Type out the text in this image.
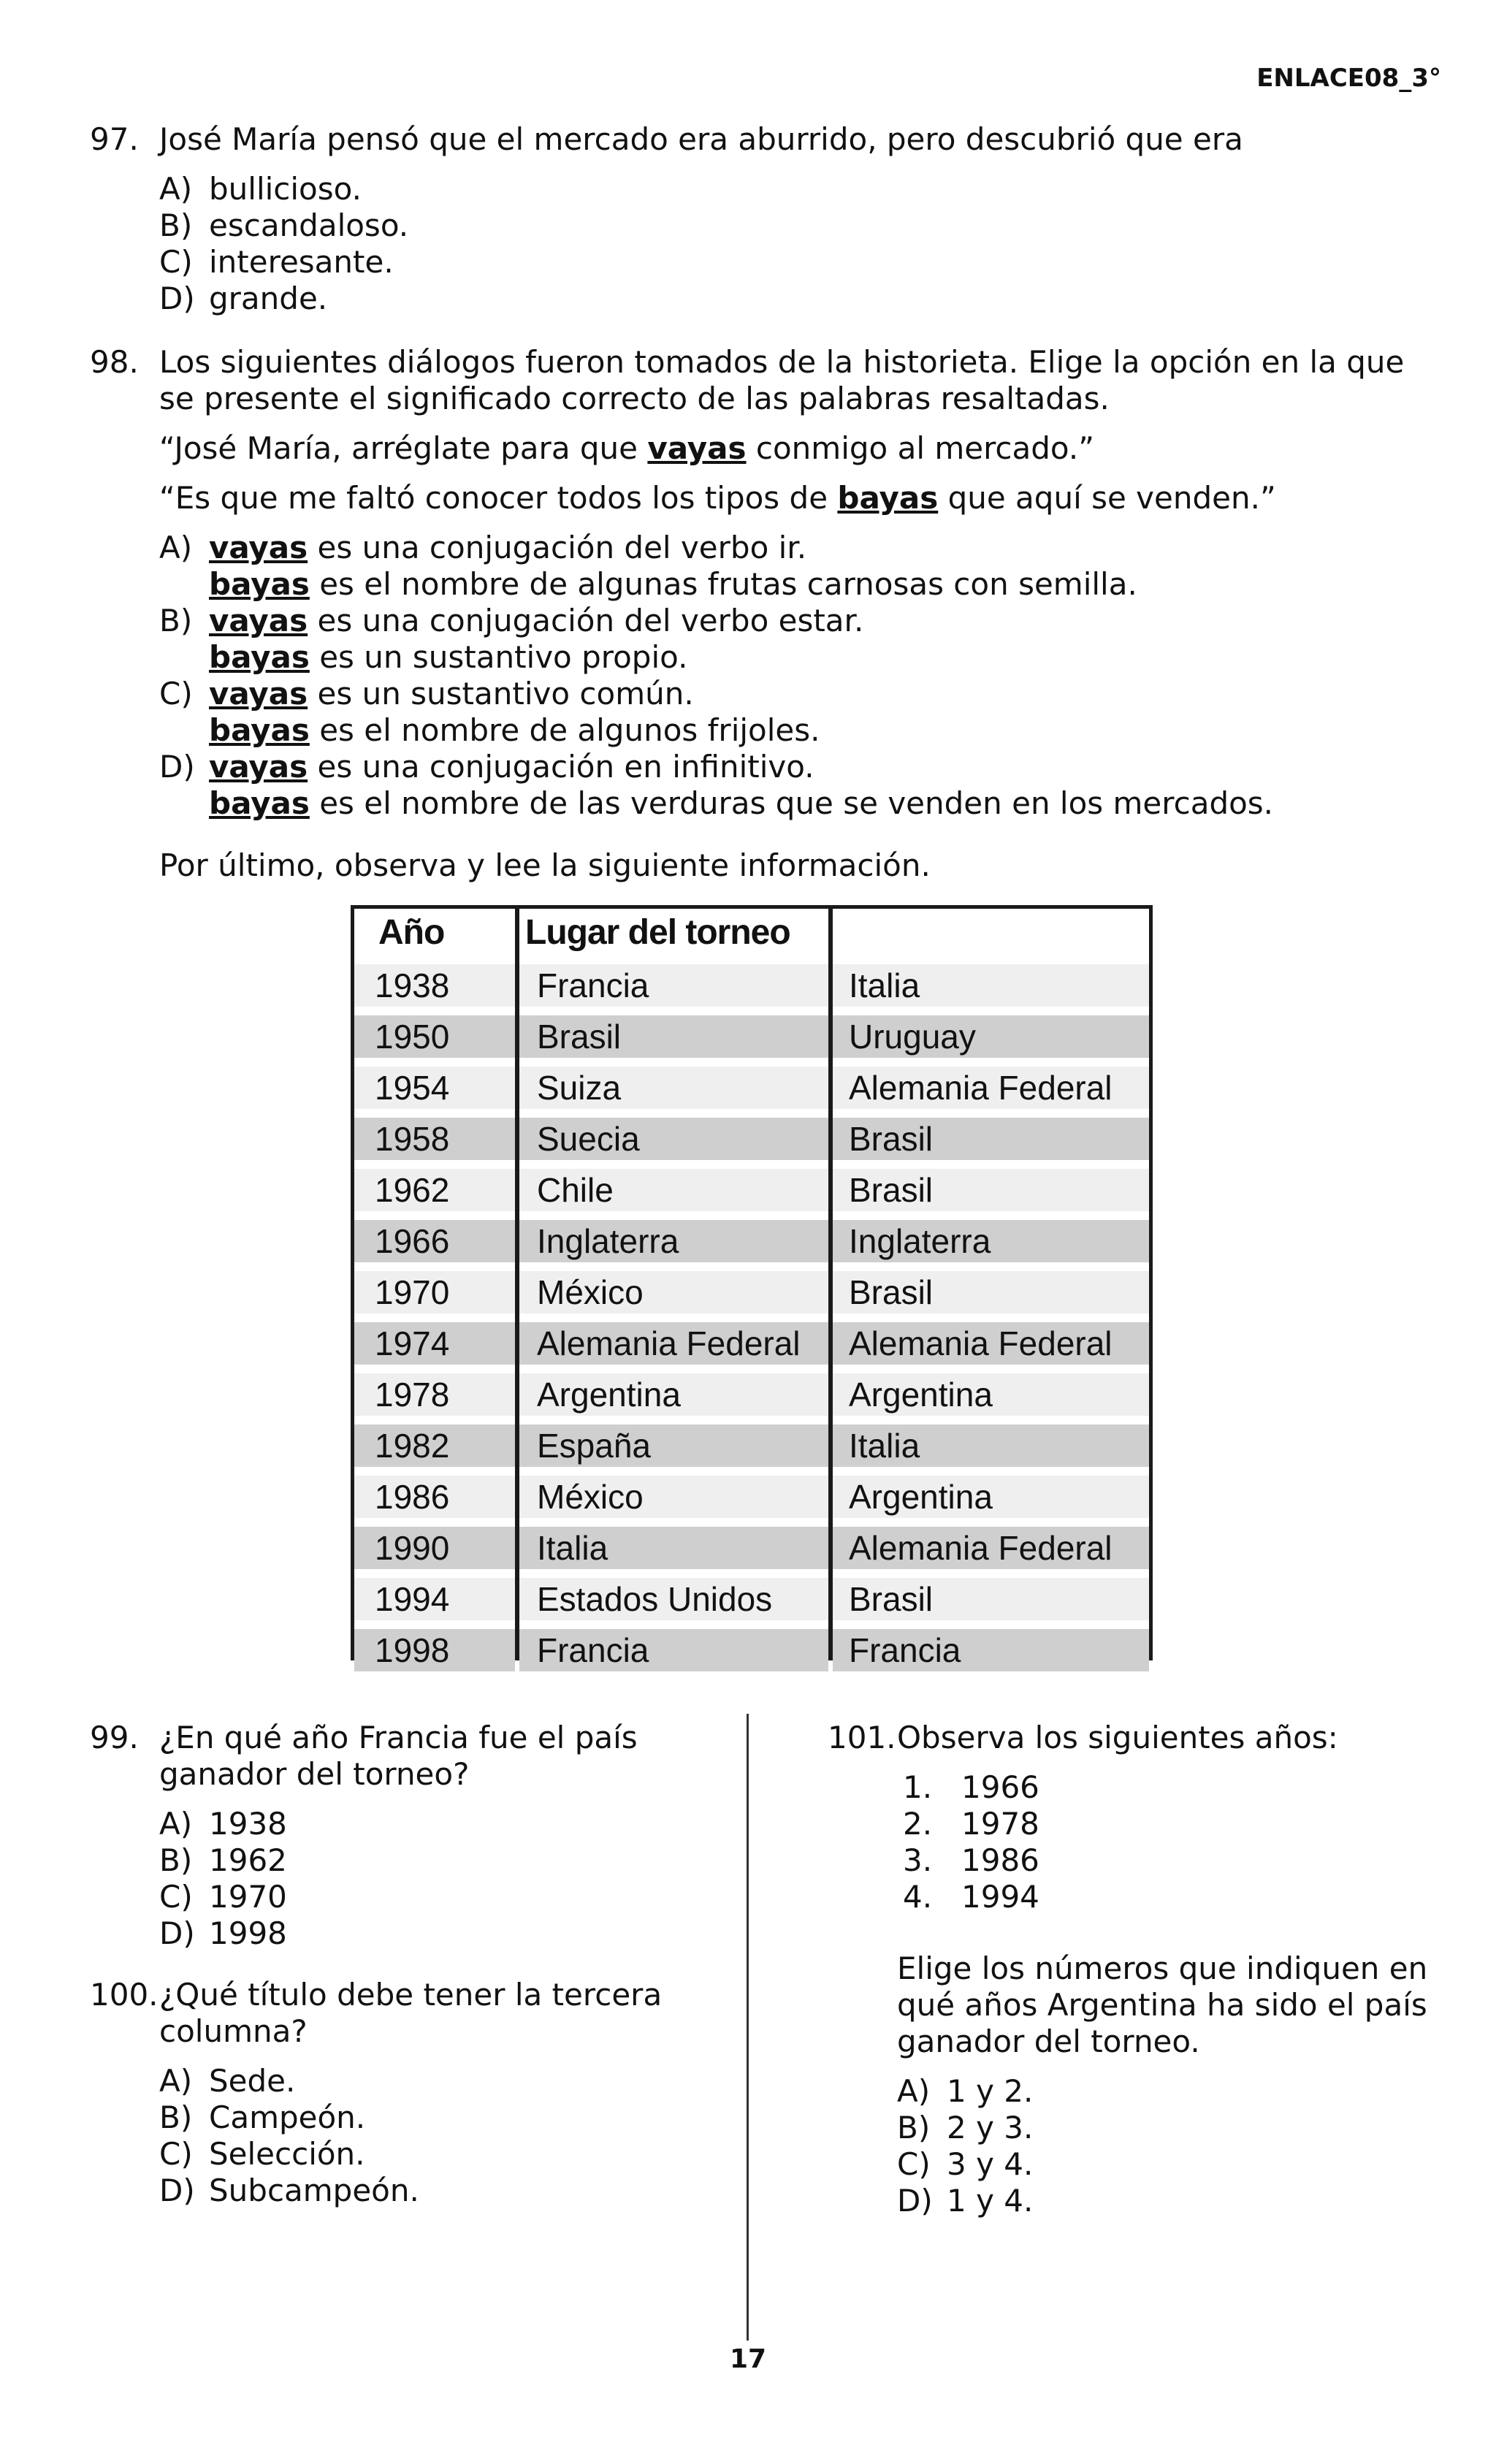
ENLACE08_3°
97. José María pensó que el mercado era aburrido, pero descubrió que era
A) bullicioso.
B) escandaloso.
C) interesante.
D) grande.
98. Los siguientes diálogos fueron tomados de la historieta. Elige la opción en la que se presente el significado correcto de las palabras resaltadas.
“José María, arréglate para que vayas conmigo al mercado.”
“Es que me faltó conocer todos los tipos de bayas que aquí se venden.”
A) vayas es una conjugación del verbo ir.
bayas es el nombre de algunas frutas carnosas con semilla.
B) vayas es una conjugación del verbo estar.
bayas es un sustantivo propio.
C) vayas es un sustantivo común.
bayas es el nombre de algunos frijoles.
D) vayas es una conjugación en infinitivo.
bayas es el nombre de las verduras que se venden en los mercados.
Por último, observa y lee la siguiente información.
Año Lugar del torneo
1938	Francia	Italia
1950	Brasil	Uruguay
1954	Suiza	Alemania Federal
1958	Suecia	Brasil
1962	Chile	Brasil
1966	Inglaterra	Inglaterra
1970	México	Brasil
1974	Alemania Federal	Alemania Federal
1978	Argentina	Argentina
1982	España	Italia
1986	México	Argentina
1990	Italia	Alemania Federal
1994	Estados Unidos	Brasil
1998	Francia	Francia
99. ¿En qué año Francia fue el país ganador del torneo?
A) 1938
B) 1962
C) 1970
D) 1998
100. ¿Qué título debe tener la tercera columna?
A) Sede.
B) Campeón.
C) Selección.
D) Subcampeón.
101. Observa los siguientes años:
1. 1966
2. 1978
3. 1986
4. 1994
Elige los números que indiquen en qué años Argentina ha sido el país ganador del torneo.
A) 1 y 2.
B) 2 y 3.
C) 3 y 4.
D) 1 y 4.
17
